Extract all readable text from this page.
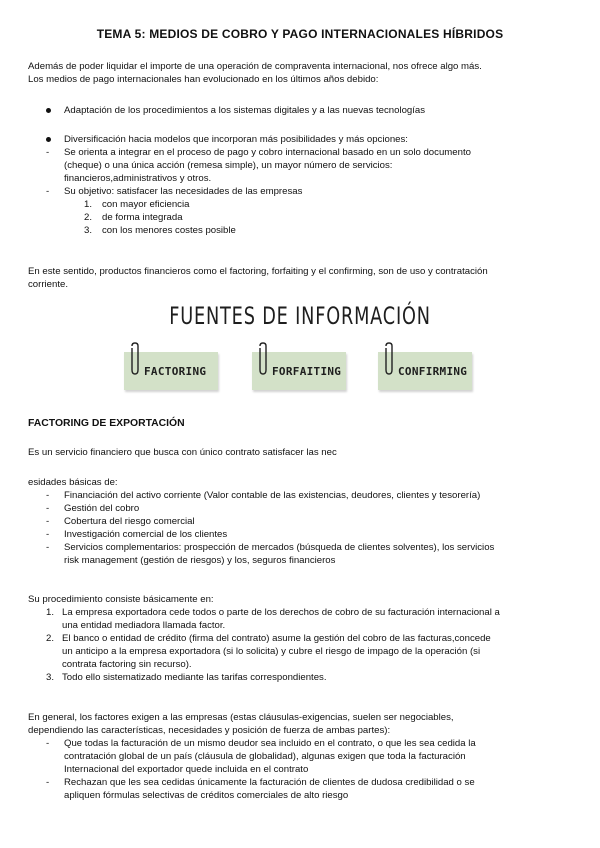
TEMA 5: MEDIOS DE COBRO Y PAGO INTERNACIONALES HÍBRIDOS

Además de poder liquidar el importe de una operación de compraventa internacional, nos ofrece algo más.

Los medios de pago internacionales han evolucionado en los últimos años debido:

Adaptación de los procedimientos a los sistemas digitales y a las nuevas tecnologías
Diversificación hacia modelos que incorporan más posibilidades y más opciones:
- Se orienta a integrar en el proceso de pago y cobro internacional basado en un solo documento

(cheque) o una única acción (remesa simple), un mayor número de servicios:

financieros,administrativos y otros.

- Su objetivo: satisfacer las necesidades de las empresas

1. con mayor eficiencia
2. de forma integrada
3. con los menores costes posible

En este sentido, productos financieros como el factoring, forfaiting y el confirming, son de uso y contratación

corriente.

FUENTES DE INFORMACIÓN
FACTORING	FORFAITING	CONFIRMING
FACTORING DE EXPORTACIÓN
Es un servicio financiero que busca con único contrato satisfacer las nec

esidades básicas de:

- Financiación del activo corriente (Valor contable de las existencias, deudores, clientes y tesorería)

- Gestión del cobro

- Cobertura del riesgo comercial

- Investigación comercial de los clientes

- Servicios complementarios: prospección de mercados (búsqueda de clientes solventes), los servicios

risk management (gestión de riesgos) y los, seguros financieros

Su procedimiento consiste básicamente en:

1. La empresa exportadora cede todos o parte de los derechos de cobro de su facturación internacional a

una entidad mediadora llamada factor.

2. El banco o entidad de crédito (firma del contrato) asume la gestión del cobro de las facturas,concede

un anticipo a la empresa exportadora (si lo solicita) y cubre el riesgo de impago de la operación (si

contrata factoring sin recurso).

3. Todo ello sistematizado mediante las tarifas correspondientes.

En general, los factores exigen a las empresas (estas cláusulas-exigencias, suelen ser negociables,

dependiendo las características, necesidades y posición de fuerza de ambas partes):

- Que todas la facturación de un mismo deudor sea incluido en el contrato, o que les sea cedida la

contratación global de un país (cláusula de globalidad), algunas exigen que toda la facturación

Internacional del exportador quede incluida en el contrato

- Rechazan que les sea cedidas únicamente la facturación de clientes de dudosa credibilidad o se

apliquen fórmulas selectivas de créditos comerciales de alto riesgo
